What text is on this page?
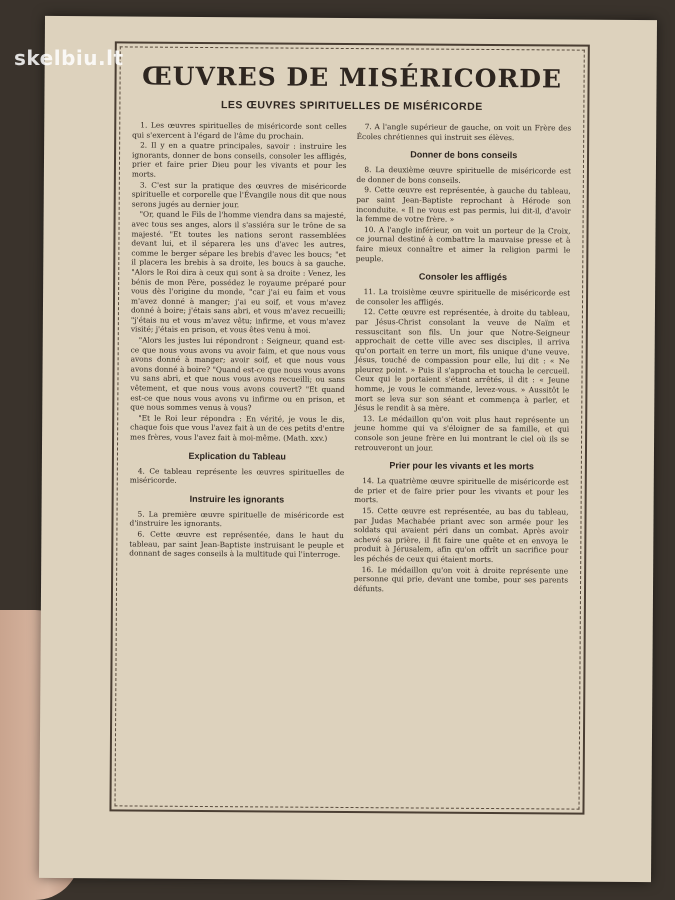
ŒUVRES DE MISÉRICORDE
LES ŒUVRES SPIRITUELLES DE MISÉRICORDE

1. Les œuvres spirituelles de miséricorde sont celles qui s'exercent à l'égard de l'âme du prochain.

2. Il y en a quatre principales, savoir : instruire les ignorants, donner de bons conseils, consoler les affligés, prier et faire prier Dieu pour les vivants et pour les morts.

3. C'est sur la pratique des œuvres de miséricorde spirituelle et corporelle que l'Évangile nous dit que nous serons jugés au dernier jour.

"Or, quand le Fils de l'homme viendra dans sa majesté, avec tous ses anges, alors il s'assiéra sur le trône de sa majesté. "Et toutes les nations seront rassemblées devant lui, et il séparera les uns d'avec les autres, comme le berger sépare les brebis d'avec les boucs; "et il placera les brebis à sa droite, les boucs à sa gauche. "Alors le Roi dira à ceux qui sont à sa droite : Venez, les bénis de mon Père, possédez le royaume préparé pour vous dès l'origine du monde, "car j'ai eu faim et vous m'avez donné à manger; j'ai eu soif, et vous m'avez donné à boire; j'étais sans abri, et vous m'avez recueilli; "j'étais nu et vous m'avez vêtu; infirme, et vous m'avez visité; j'étais en prison, et vous êtes venu à moi.

"Alors les justes lui répondront : Seigneur, quand est-ce que nous vous avons vu avoir faim, et que nous vous avons donné à manger; avoir soif, et que nous vous avons donné à boire? "Quand est-ce que nous vous avons vu sans abri, et que nous vous avons recueilli; ou sans vêtement, et que nous vous avons couvert? "Et quand est-ce que nous vous avons vu infirme ou en prison, et que nous sommes venus à vous?

"Et le Roi leur répondra : En vérité, je vous le dis, chaque fois que vous l'avez fait à un de ces petits d'entre mes frères, vous l'avez fait à moi-même. (Math. xxv.)

Explication du Tableau

4. Ce tableau représente les œuvres spirituelles de miséricorde.

Instruire les ignorants

5. La première œuvre spirituelle de miséricorde est d'instruire les ignorants.

6. Cette œuvre est représentée, dans le haut du tableau, par saint Jean-Baptiste instruisant le peuple et donnant de sages conseils à la multitude qui l'interroge.

7. A l'angle supérieur de gauche, on voit un Frère des Écoles chrétiennes qui instruit ses élèves.

Donner de bons conseils

8. La deuxième œuvre spirituelle de miséricorde est de donner de bons conseils.

9. Cette œuvre est représentée, à gauche du tableau, par saint Jean-Baptiste reprochant à Hérode son inconduite. « Il ne vous est pas permis, lui dit-il, d'avoir la femme de votre frère. »

10. A l'angle inférieur, on voit un porteur de la Croix, ce journal destiné à combattre la mauvaise presse et à faire mieux connaître et aimer la religion parmi le peuple.

Consoler les affligés

11. La troisième œuvre spirituelle de miséricorde est de consoler les affligés.

12. Cette œuvre est représentée, à droite du tableau, par Jésus-Christ consolant la veuve de Naïm et ressuscitant son fils. Un jour que Notre-Seigneur approchait de cette ville avec ses disciples, il arriva qu'on portait en terre un mort, fils unique d'une veuve. Jésus, touché de compassion pour elle, lui dit : « Ne pleurez point. » Puis il s'approcha et toucha le cercueil. Ceux qui le portaient s'étant arrêtés, il dit : « Jeune homme, je vous le commande, levez-vous. » Aussitôt le mort se leva sur son séant et commença à parler, et Jésus le rendit à sa mère.

13. Le médaillon qu'on voit plus haut représente un jeune homme qui va s'éloigner de sa famille, et qui console son jeune frère en lui montrant le ciel où ils se retrouveront un jour.

Prier pour les vivants et les morts

14. La quatrième œuvre spirituelle de miséricorde est de prier et de faire prier pour les vivants et pour les morts.

15. Cette œuvre est représentée, au bas du tableau, par Judas Machabée priant avec son armée pour les soldats qui avaient péri dans un combat. Après avoir achevé sa prière, il fit faire une quête et en envoya le produit à Jérusalem, afin qu'on offrît un sacrifice pour les péchés de ceux qui étaient morts.

16. Le médaillon qu'on voit à droite représente une personne qui prie, devant une tombe, pour ses parents défunts.

skelbiu.lt
